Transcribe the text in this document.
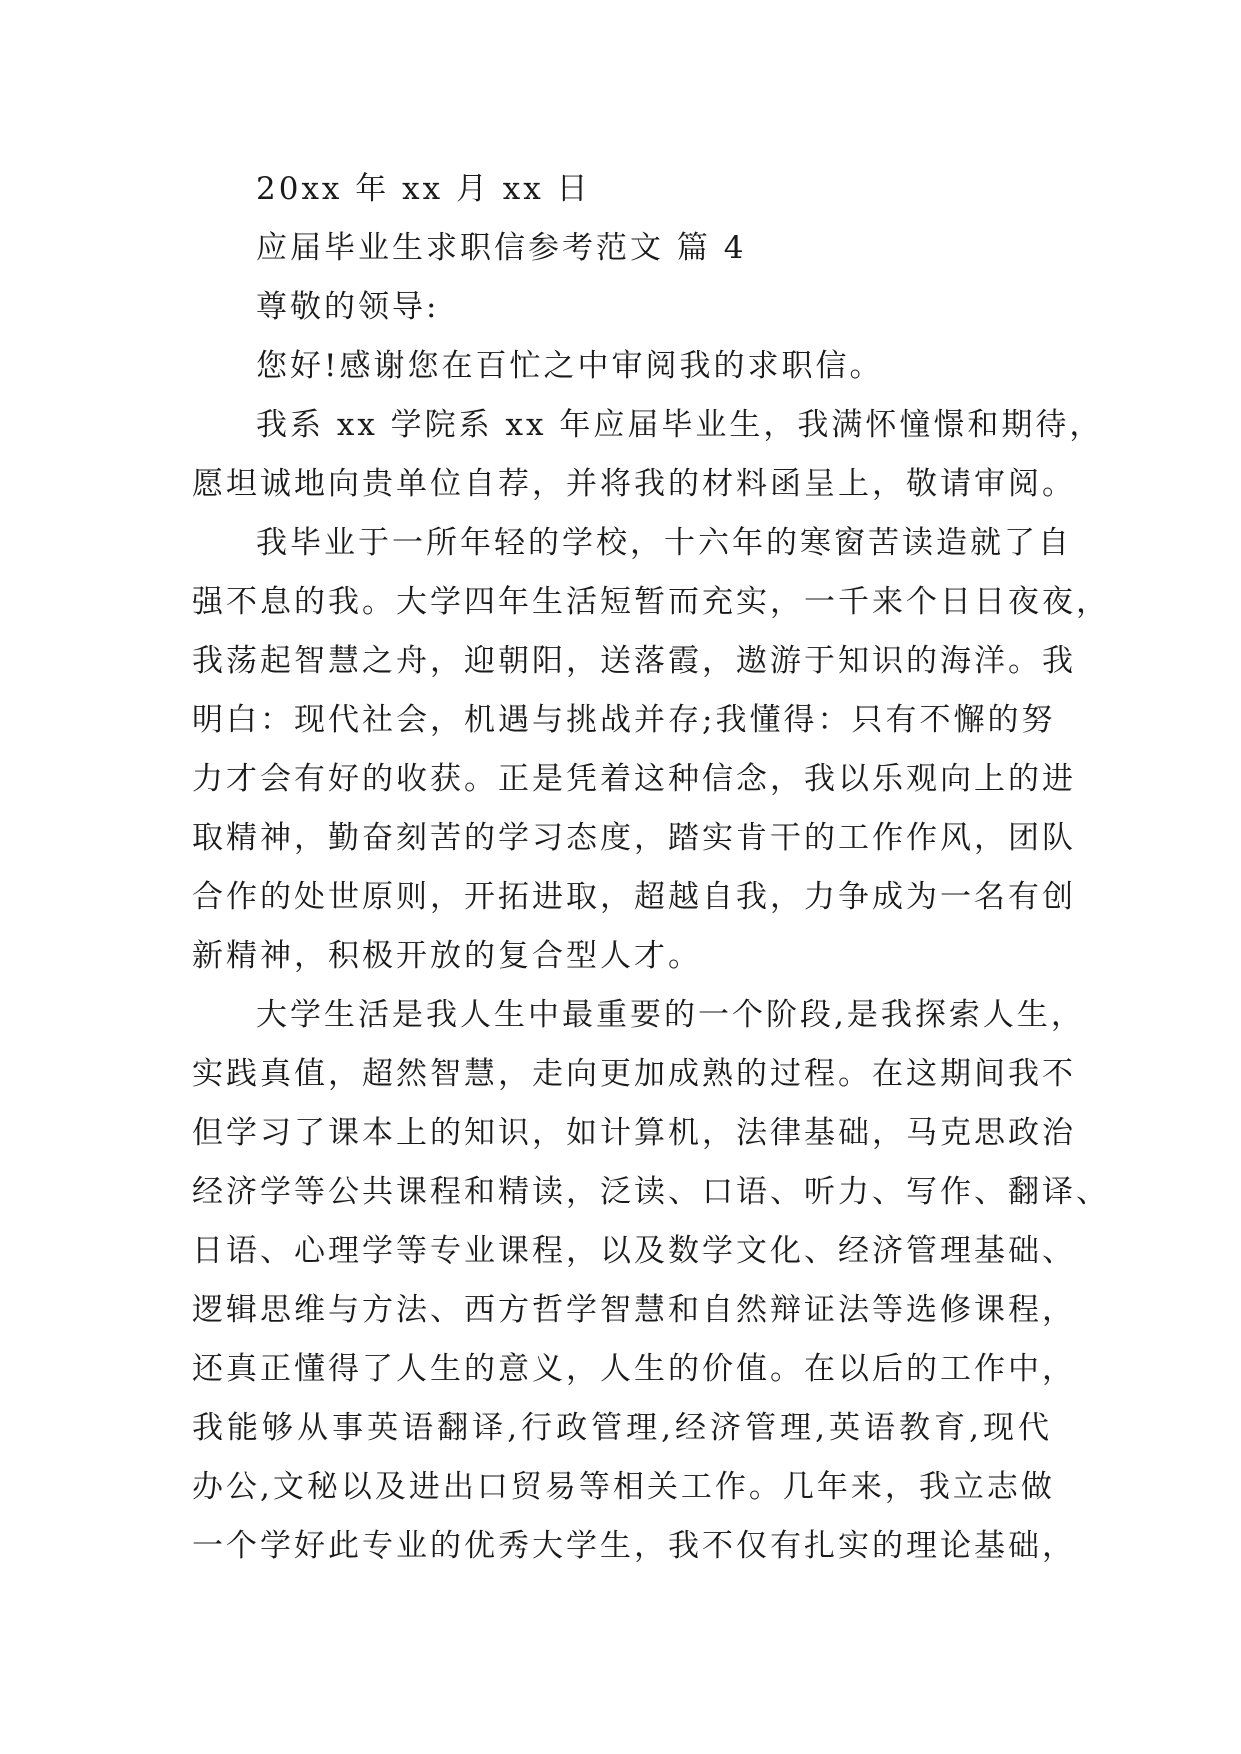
20xx 年 xx 月 xx 日

应届毕业生求职信参考范文 篇 4

尊敬的领导:

您好!感谢您在百忙之中审阅我的求职信。

我系 xx 学院系 xx 年应届毕业生，我满怀憧憬和期待，

愿坦诚地向贵单位自荐，并将我的材料函呈上，敬请审阅。

我毕业于一所年轻的学校，十六年的寒窗苦读造就了自

强不息的我。大学四年生活短暂而充实，一千来个日日夜夜，

我荡起智慧之舟，迎朝阳，送落霞，遨游于知识的海洋。我

明白：现代社会，机遇与挑战并存;我懂得：只有不懈的努

力才会有好的收获。正是凭着这种信念，我以乐观向上的进

取精神，勤奋刻苦的学习态度，踏实肯干的工作作风，团队

合作的处世原则，开拓进取，超越自我，力争成为一名有创

新精神，积极开放的复合型人才。

大学生活是我人生中最重要的一个阶段,是我探索人生，

实践真值，超然智慧，走向更加成熟的过程。在这期间我不

但学习了课本上的知识，如计算机，法律基础，马克思政治

经济学等公共课程和精读，泛读、口语、听力、写作、翻译、

日语、心理学等专业课程，以及数学文化、经济管理基础、

逻辑思维与方法、西方哲学智慧和自然辩证法等选修课程，

还真正懂得了人生的意义，人生的价值。在以后的工作中，

我能够从事英语翻译,行政管理,经济管理,英语教育,现代

办公,文秘以及进出口贸易等相关工作。几年来，我立志做

一个学好此专业的优秀大学生，我不仅有扎实的理论基础，
